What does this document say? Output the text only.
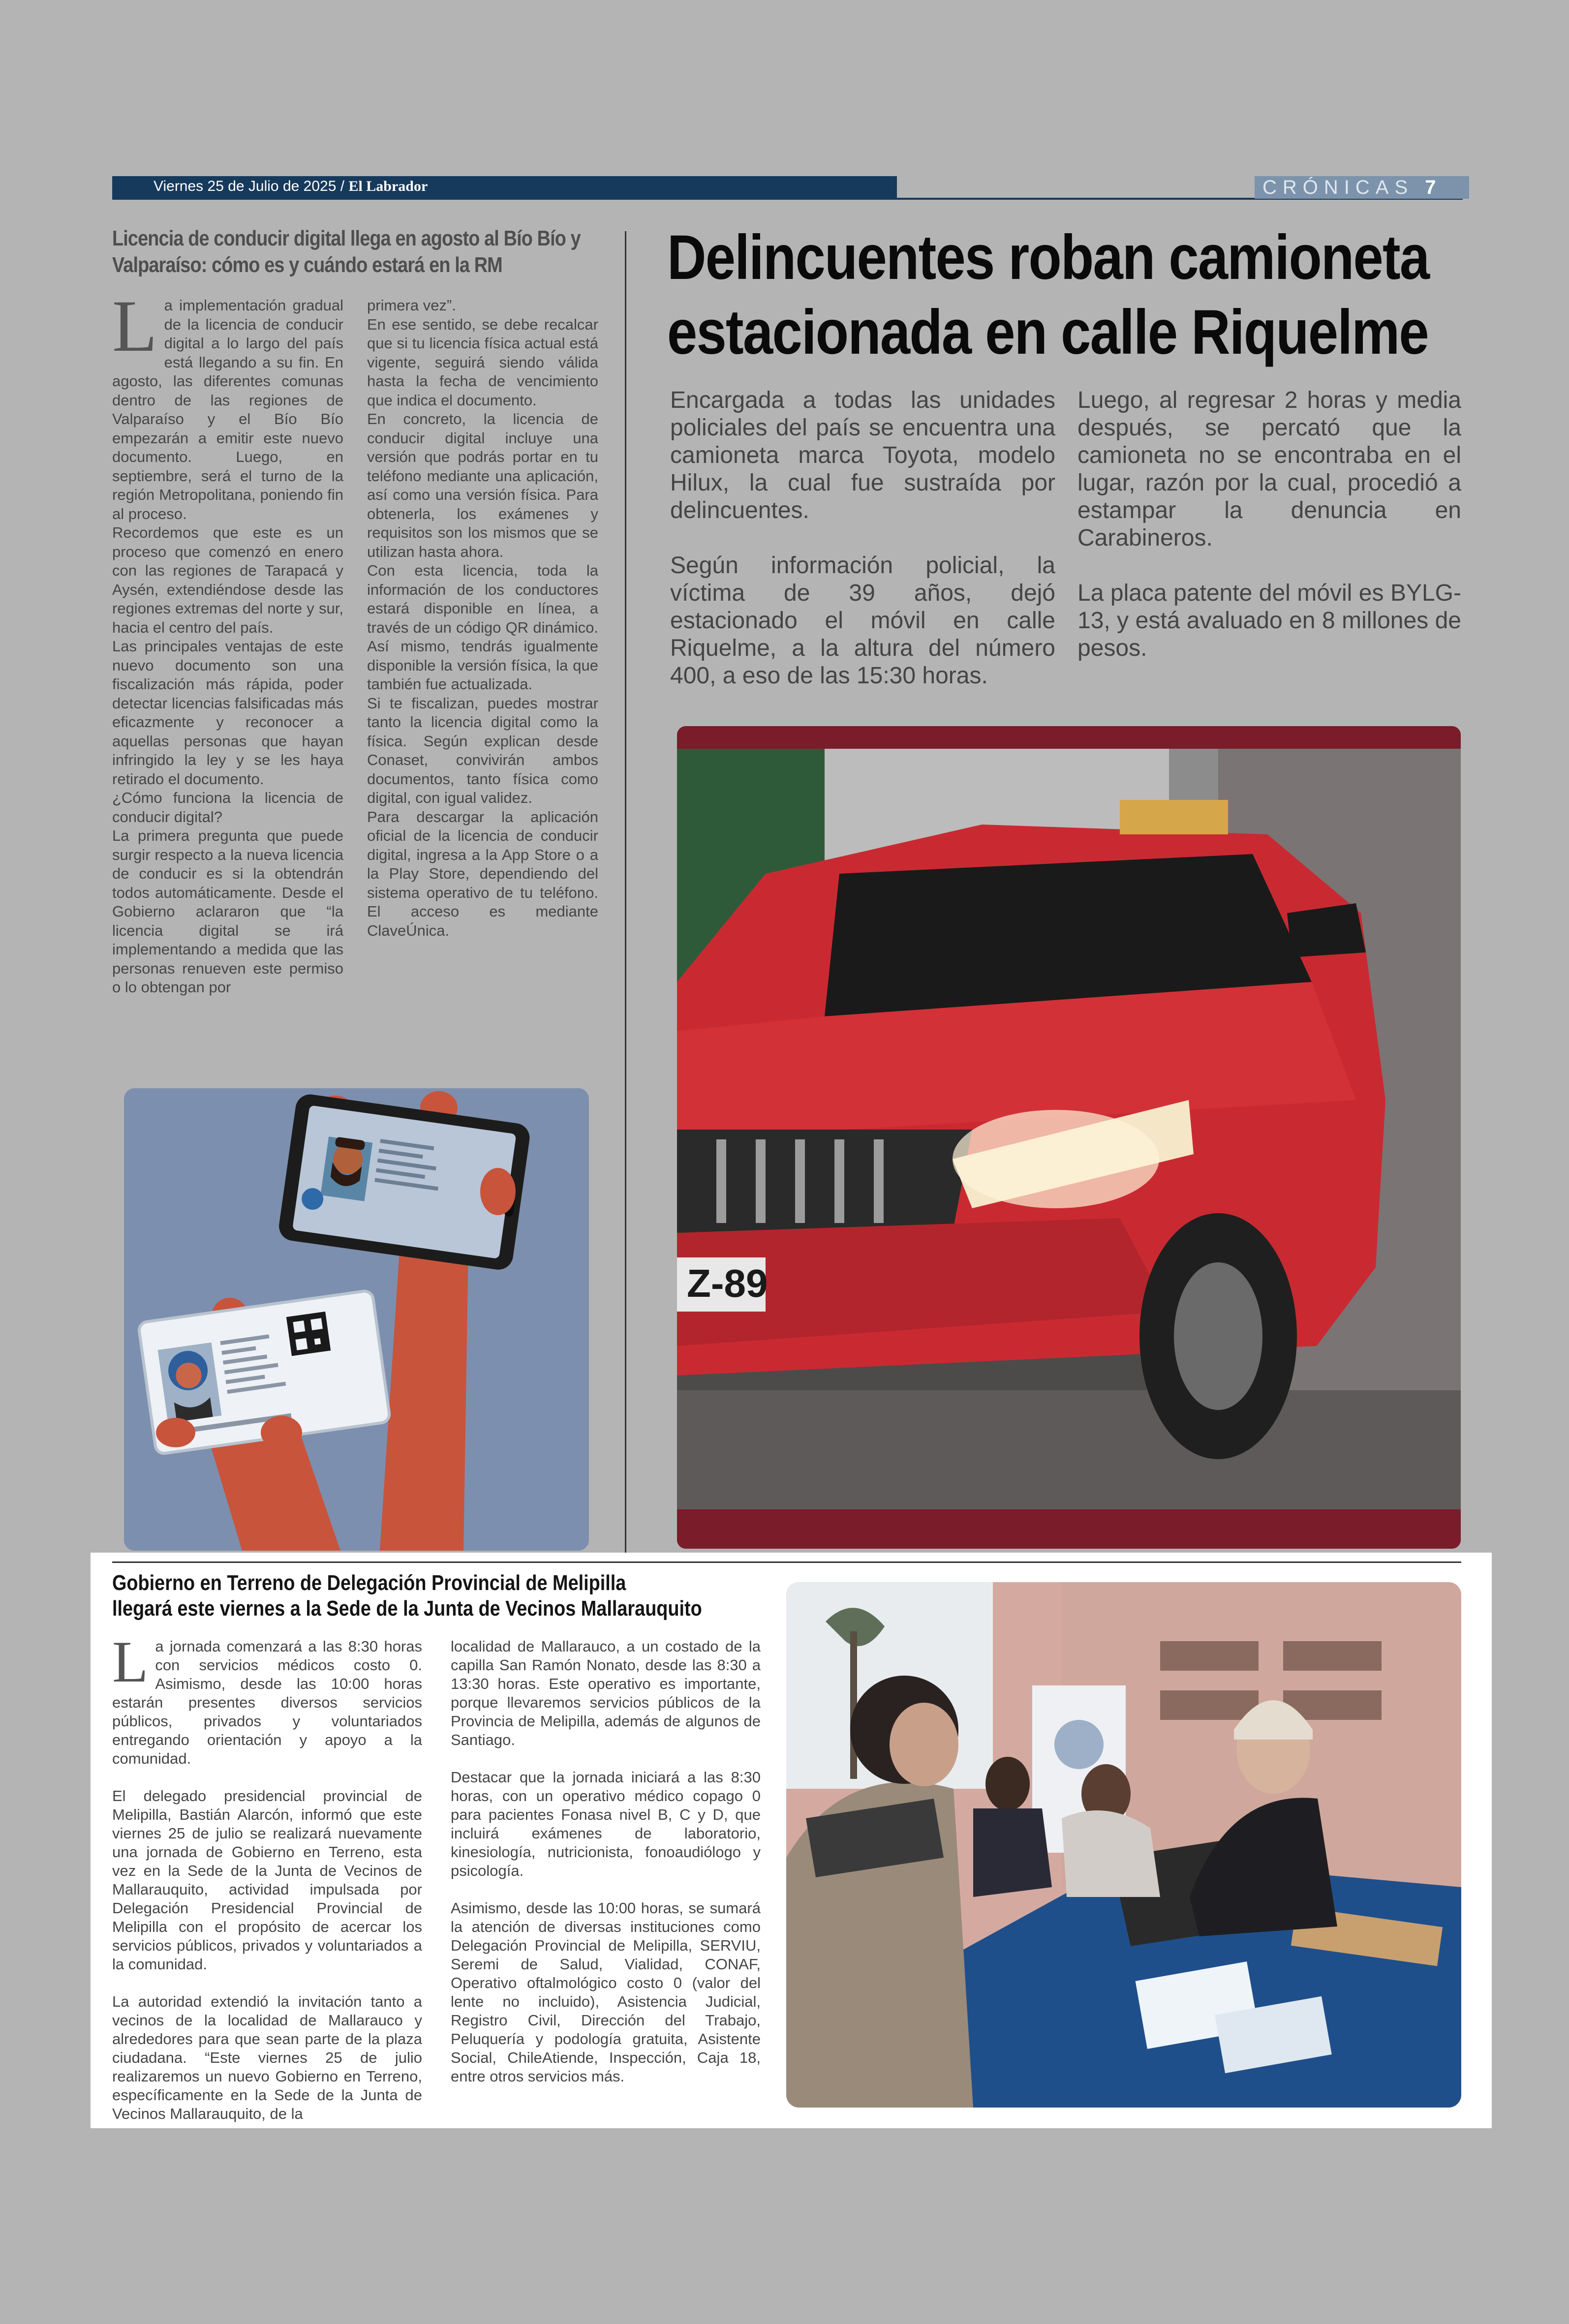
Viernes 25 de Julio de 2025 / El Labrador	CRÓNICAS 7
Licencia de conducir digital llega en agosto al Bío Bío y Valparaíso: cómo es y cuándo estará en la RM

La implementación gradual de la licencia de conducir digital a lo largo del país está llegando a su fin. En agosto, las diferentes comunas dentro de las regiones de Valparaíso y el Bío Bío empezarán a emitir este nuevo documento. Luego, en septiembre, será el turno de la región Metropolitana, poniendo fin al proceso.

Recordemos que este es un proceso que comenzó en enero con las regiones de Tarapacá y Aysén, extendiéndose desde las regiones extremas del norte y sur, hacia el centro del país.

Las principales ventajas de este nuevo documento son una fiscalización más rápida, poder detectar licencias falsificadas más eficazmente y reconocer a aquellas personas que hayan infringido la ley y se les haya retirado el documento.

¿Cómo funciona la licencia de conducir digital?

La primera pregunta que puede surgir respecto a la nueva licencia de conducir es si la obtendrán todos automáticamente. Desde el Gobierno aclararon que “la licencia digital se irá implementando a medida que las personas renueven este permiso o lo obtengan por

primera vez”.

En ese sentido, se debe recalcar que si tu licencia física actual está vigente, seguirá siendo válida hasta la fecha de vencimiento que indica el documento.

En concreto, la licencia de conducir digital incluye una versión que podrás portar en tu teléfono mediante una aplicación, así como una versión física. Para obtenerla, los exámenes y requisitos son los mismos que se utilizan hasta ahora.

Con esta licencia, toda la información de los conductores estará disponible en línea, a través de un código QR dinámico. Así mismo, tendrás igualmente disponible la versión física, la que también fue actualizada.

Si te fiscalizan, puedes mostrar tanto la licencia digital como la física. Según explican desde Conaset, convivirán ambos documentos, tanto física como digital, con igual validez.

Para descargar la aplicación oficial de la licencia de conducir digital, ingresa a la App Store o a la Play Store, dependiendo del sistema operativo de tu teléfono. El acceso es mediante ClaveÚnica.

Delincuentes roban camioneta
estacionada en calle Riquelme

Encargada a todas las unidades policiales del país se encuentra una camioneta marca Toyota, modelo Hilux, la cual fue sustraída por delincuentes.

Según información policial, la víctima de 39 años, dejó estacionado el móvil en calle Riquelme, a la altura del número 400, a eso de las 15:30 horas.

Luego, al regresar 2 horas y media después, se percató que la camioneta no se encontraba en el lugar, razón por la cual, procedió a estampar la denuncia en Carabineros.

La placa patente del móvil es BYLG-13, y está avaluado en 8 millones de pesos.

Z-89
Gobierno en Terreno de Delegación Provincial de Melipilla
llegará este viernes a la Sede de la Junta de Vecinos Mallarauquito

La jornada comenzará a las 8:30 horas con servicios médicos costo 0. Asimismo, desde las 10:00 horas estarán presentes diversos servicios públicos, privados y voluntariados entregando orientación y apoyo a la comunidad.

El delegado presidencial provincial de Melipilla, Bastián Alarcón, informó que este viernes 25 de julio se realizará nuevamente una jornada de Gobierno en Terreno, esta vez en la Sede de la Junta de Vecinos de Mallarauquito, actividad impulsada por Delegación Presidencial Provincial de Melipilla con el propósito de acercar los servicios públicos, privados y voluntariados a la comunidad.

La autoridad extendió la invitación tanto a vecinos de la localidad de Mallarauco y alrededores para que sean parte de la plaza ciudadana. “Este viernes 25 de julio realizaremos un nuevo Gobierno en Terreno, específicamente en la Sede de la Junta de Vecinos Mallarauquito, de la

localidad de Mallarauco, a un costado de la capilla San Ramón Nonato, desde las 8:30 a 13:30 horas. Este operativo es importante, porque llevaremos servicios públicos de la Provincia de Melipilla, además de algunos de Santiago.

Destacar que la jornada iniciará a las 8:30 horas, con un operativo médico copago 0 para pacientes Fonasa nivel B, C y D, que incluirá exámenes de laboratorio, kinesiología, nutricionista, fonoaudiólogo y psicología.

Asimismo, desde las 10:00 horas, se sumará la atención de diversas instituciones como Delegación Provincial de Melipilla, SERVIU, Seremi de Salud, Vialidad, CONAF, Operativo oftalmológico costo 0 (valor del lente no incluido), Asistencia Judicial, Registro Civil, Dirección del Trabajo, Peluquería y podología gratuita, Asistente Social, ChileAtiende, Inspección, Caja 18, entre otros servicios más.
